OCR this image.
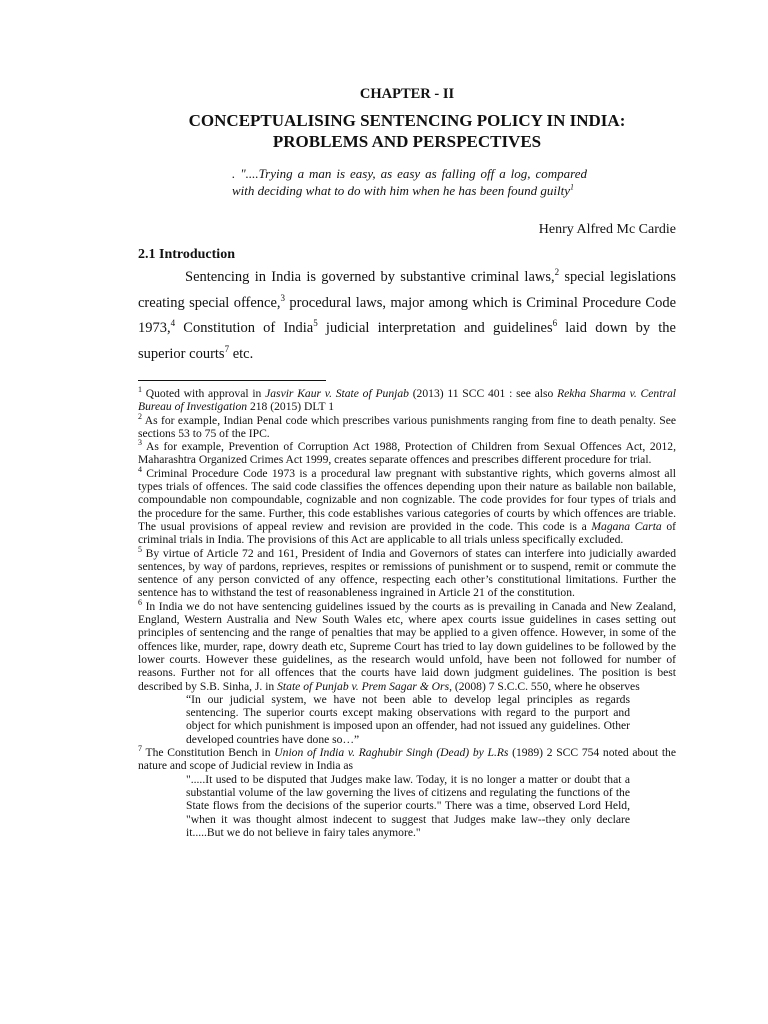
CHAPTER - II
CONCEPTUALISING SENTENCING POLICY IN INDIA:
PROBLEMS AND PERSPECTIVES
. "....Trying a man is easy, as easy as falling off a log, compared with deciding what to do with him when he has been found guilty$^1$
Henry Alfred Mc Cardie
2.1 Introduction

Sentencing in India is governed by substantive criminal laws,$^2$ special legislations creating special offence,$^3$ procedural laws, major among which is Criminal Procedure Code 1973,$^4$ Constitution of India$^5$ judicial interpretation and guidelines$^6$ laid down by the superior courts$^7$ etc.

$^1$ Quoted with approval in Jasvir Kaur v. State of Punjab (2013) 11 SCC 401 : see also Rekha Sharma v. Central Bureau of Investigation 218 (2015) DLT 1

$^2$ As for example, Indian Penal code which prescribes various punishments ranging from fine to death penalty. See sections 53 to 75 of the IPC.

$^3$ As for example, Prevention of Corruption Act 1988, Protection of Children from Sexual Offences Act, 2012, Maharashtra Organized Crimes Act 1999, creates separate offences and prescribes different procedure for trial.

$^4$ Criminal Procedure Code 1973 is a procedural law pregnant with substantive rights, which governs almost all types trials of offences. The said code classifies the offences depending upon their nature as bailable non bailable, compoundable non compoundable, cognizable and non cognizable. The code provides for four types of trials and the procedure for the same. Further, this code establishes various categories of courts by which offences are triable. The usual provisions of appeal review and revision are provided in the code. This code is a Magana Carta of criminal trials in India. The provisions of this Act are applicable to all trials unless specifically excluded.

$^5$ By virtue of Article 72 and 161, President of India and Governors of states can interfere into judicially awarded sentences, by way of pardons, reprieves, respites or remissions of punishment or to suspend, remit or commute the sentence of any person convicted of any offence, respecting each other’s constitutional limitations. Further the sentence has to withstand the test of reasonableness ingrained in Article 21 of the constitution.

$^6$ In India we do not have sentencing guidelines issued by the courts as is prevailing in Canada and New Zealand, England, Western Australia and New South Wales etc, where apex courts issue guidelines in cases setting out principles of sentencing and the range of penalties that may be applied to a given offence. However, in some of the offences like, murder, rape, dowry death etc, Supreme Court has tried to lay down guidelines to be followed by the lower courts. However these guidelines, as the research would unfold, have been not followed for number of reasons. Further not for all offences that the courts have laid down judgment guidelines. The position is best described by S.B. Sinha, J. in State of Punjab v. Prem Sagar & Ors, (2008) 7 S.C.C. 550, where he observes

“In our judicial system, we have not been able to develop legal principles as regards sentencing. The superior courts except making observations with regard to the purport and object for which punishment is imposed upon an offender, had not issued any guidelines. Other developed countries have done so…”

$^7$ The Constitution Bench in Union of India v. Raghubir Singh (Dead) by L.Rs (1989) 2 SCC 754 noted about the nature and scope of Judicial review in India as

".....It used to be disputed that Judges make law. Today, it is no longer a matter or doubt that a substantial volume of the law governing the lives of citizens and regulating the functions of the State flows from the decisions of the superior courts." There was a time, observed Lord Held, "when it was thought almost indecent to suggest that Judges make law--they only declare it.....But we do not believe in fairy tales anymore."
